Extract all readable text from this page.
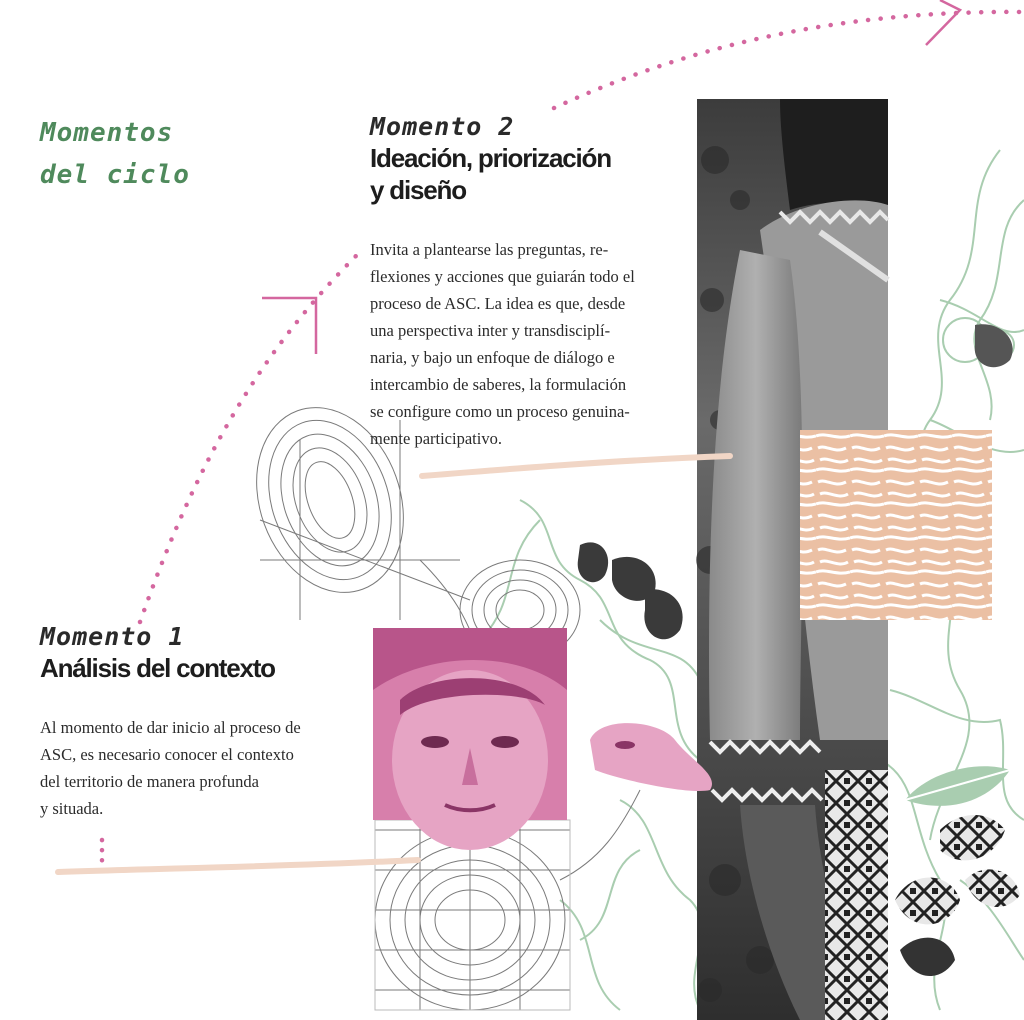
Momentos
del ciclo

Momento 2

Ideación, priorización
y diseño

Invita a plantearse las preguntas, re-
flexiones y acciones que guiarán todo el
proceso de ASC. La idea es que, desde
una perspectiva inter y transdisciplí-
naria, y bajo un enfoque de diálogo e
intercambio de saberes, la formulación
se configure como un proceso genuina-
mente participativo.

Momento 1

Análisis del contexto

Al momento de dar inicio al proceso de
ASC, es necesario conocer el contexto
del territorio de manera profunda
y situada.
